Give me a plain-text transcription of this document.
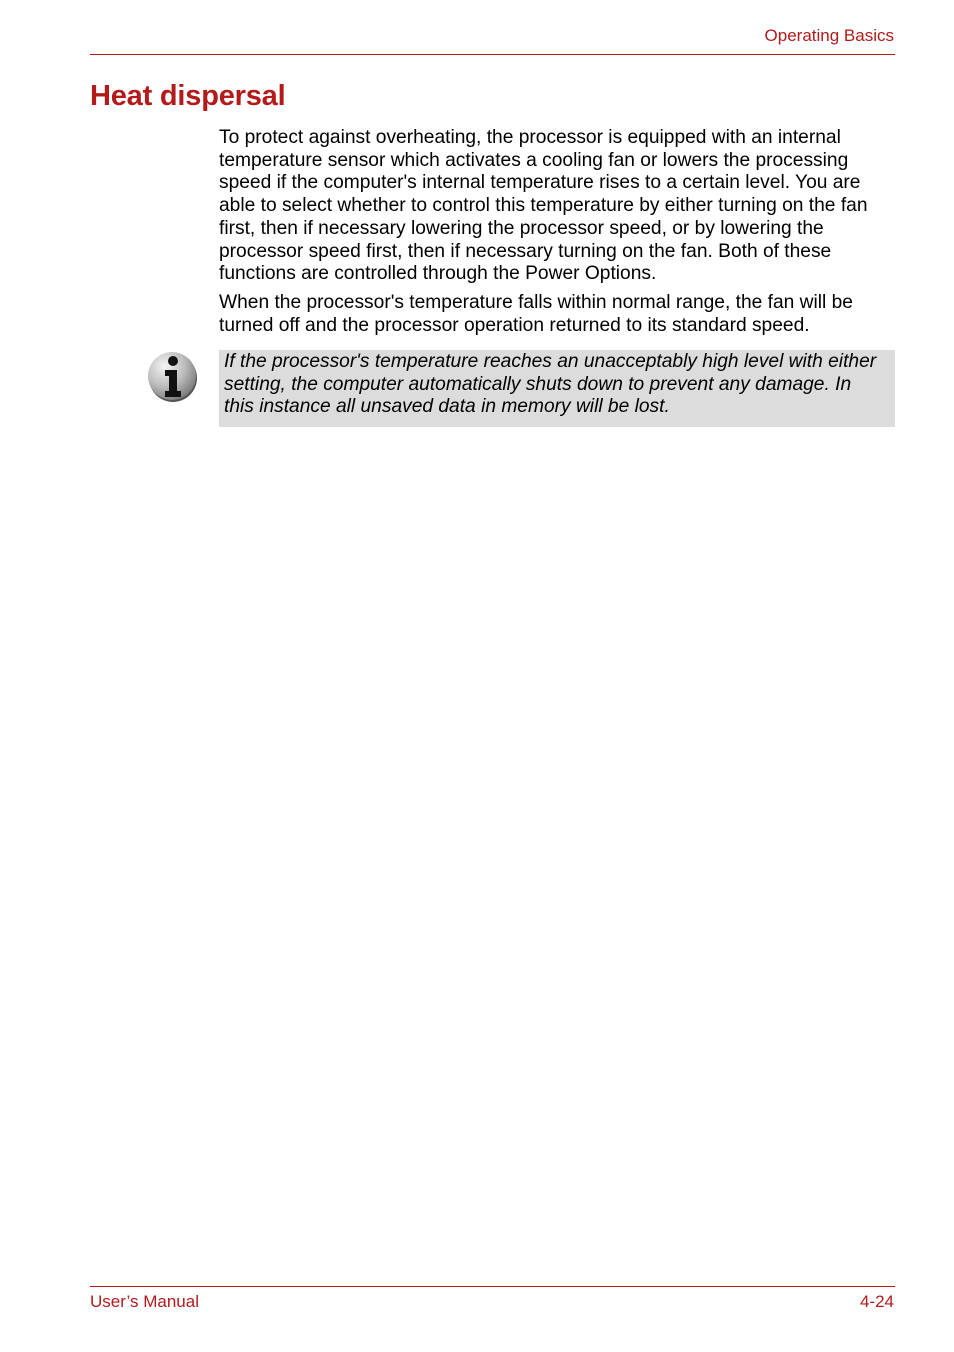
Operating Basics
Heat dispersal

To protect against overheating, the processor is equipped with an internal temperature sensor which activates a cooling fan or lowers the processing speed if the computer's internal temperature rises to a certain level. You are able to select whether to control this temperature by either turning on the fan first, then if necessary lowering the processor speed, or by lowering the processor speed first, then if necessary turning on the fan. Both of these functions are controlled through the Power Options.

When the processor's temperature falls within normal range, the fan will be turned off and the processor operation returned to its standard speed.

If the processor's temperature reaches an unacceptably high level with either setting, the computer automatically shuts down to prevent any damage. In this instance all unsaved data in memory will be lost.

User’s Manual	4-24
